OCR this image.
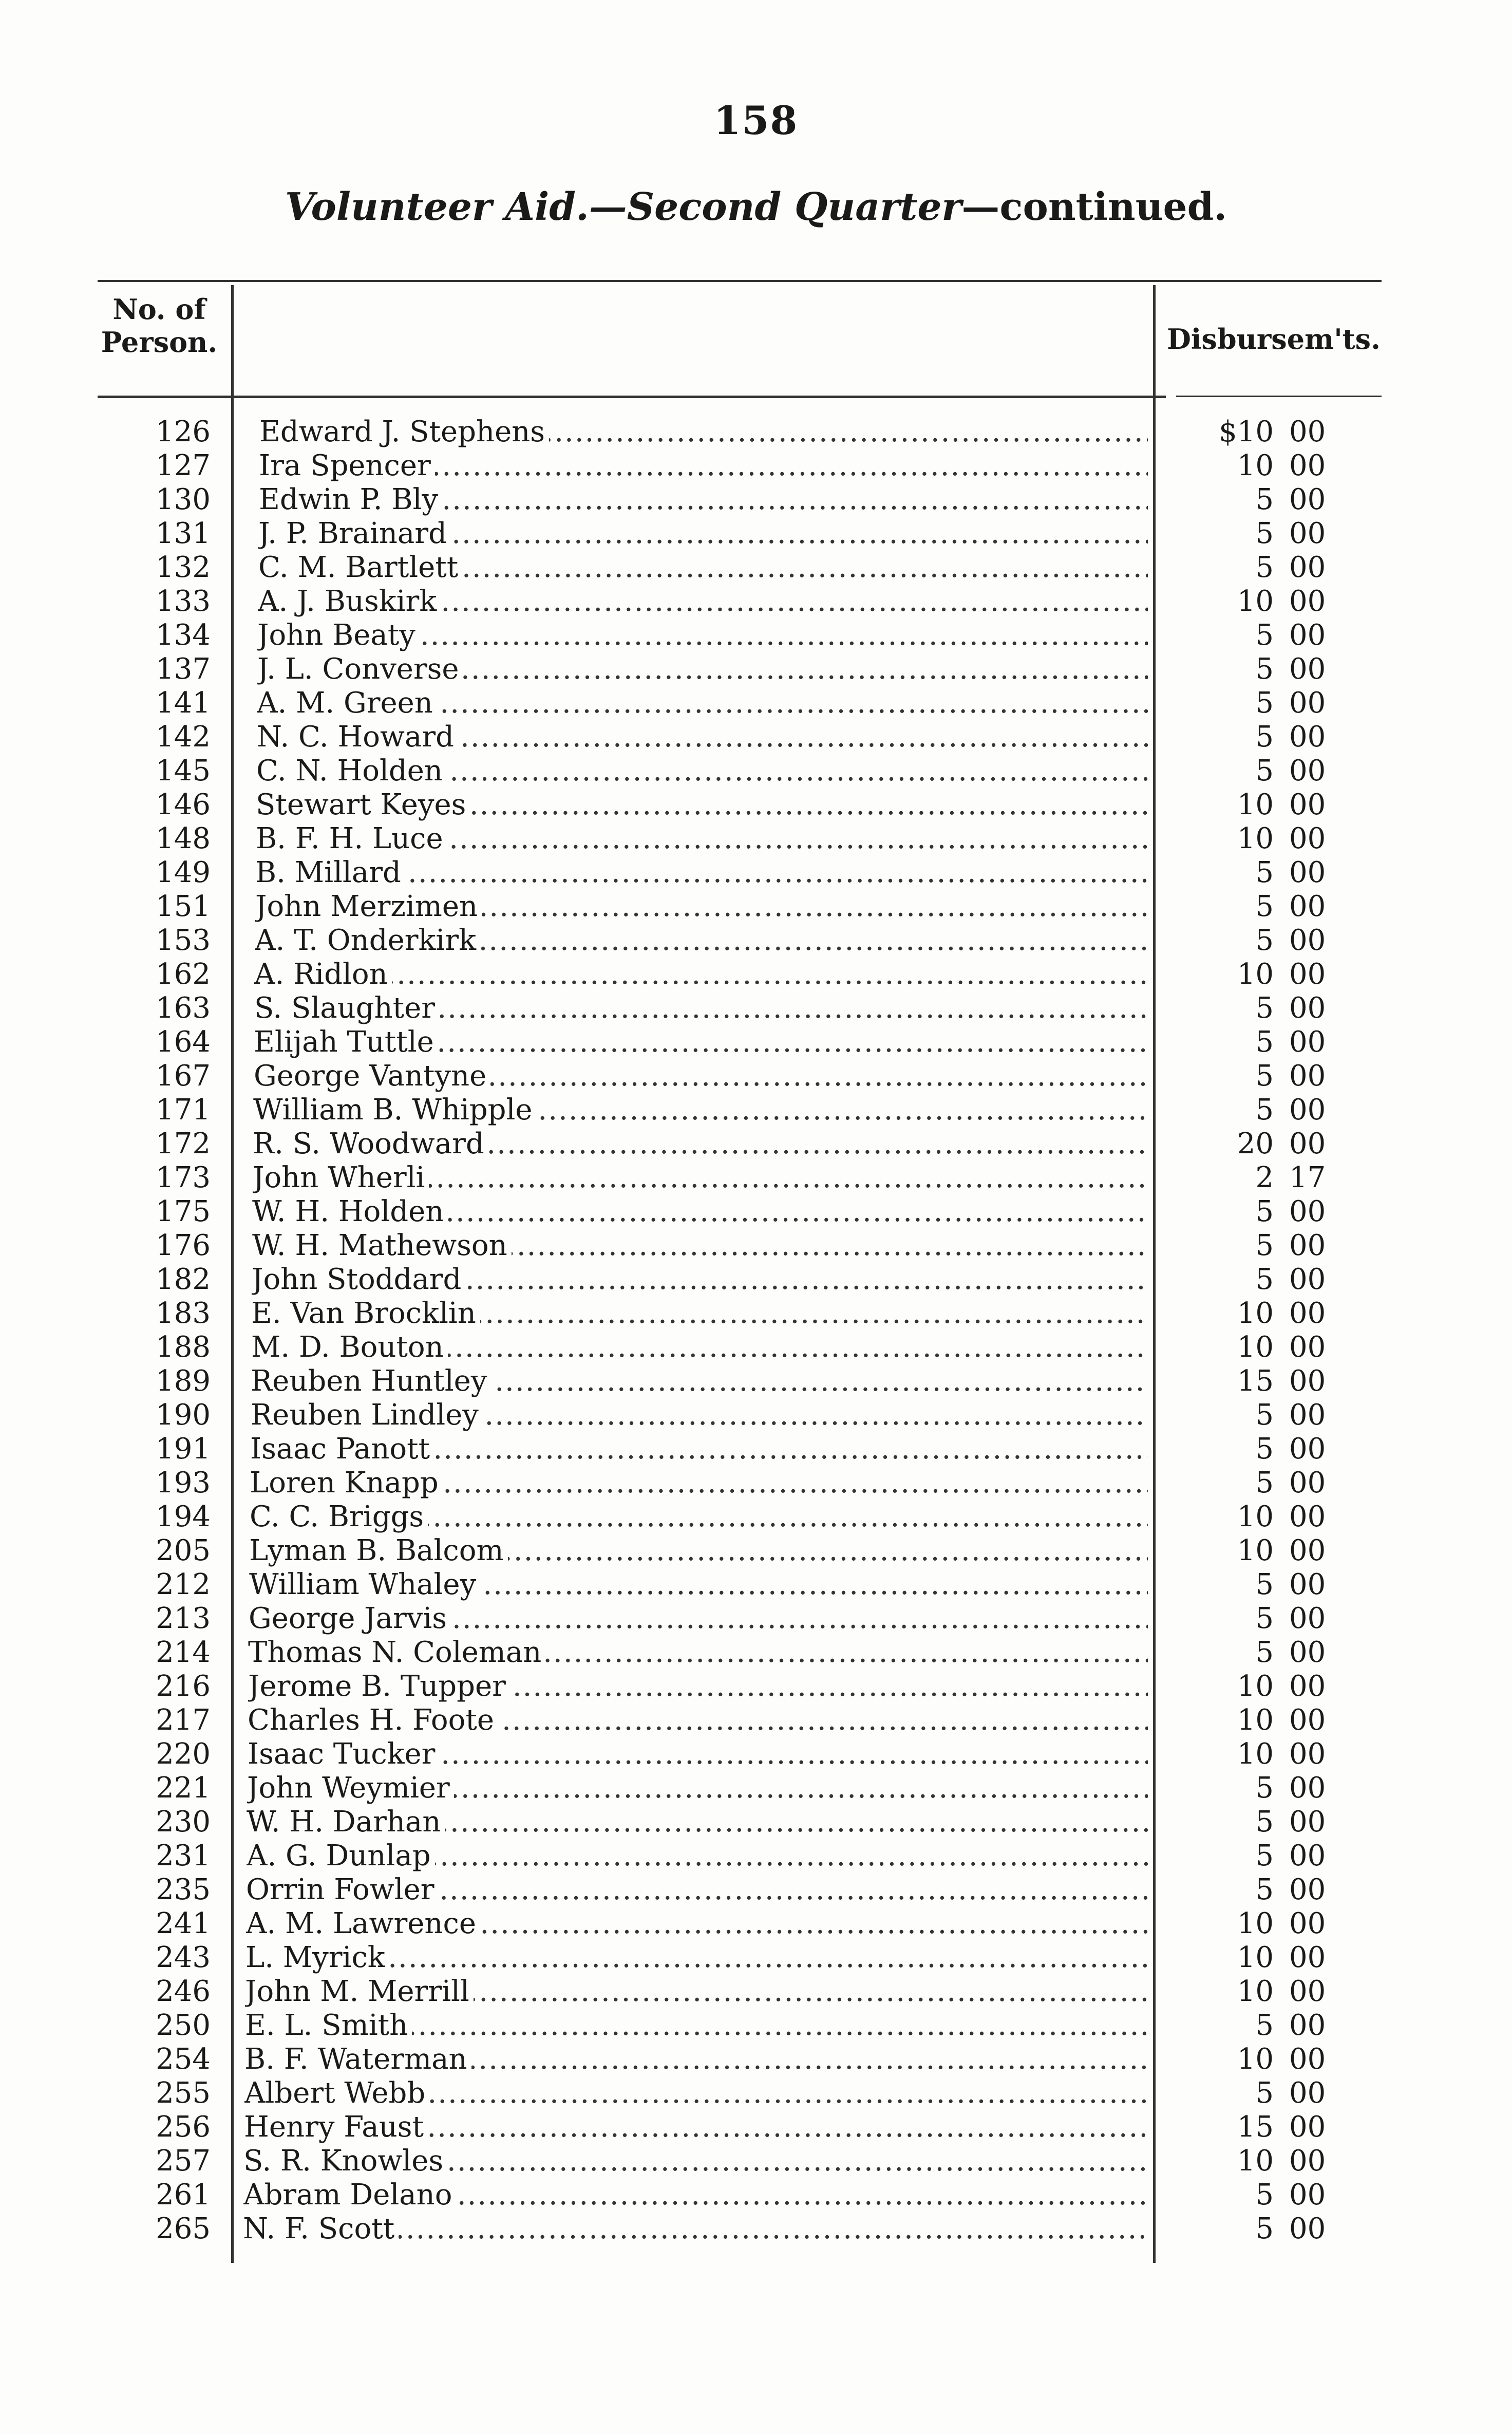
158
Volunteer Aid.—Second Quarter—continued.
No. of
Person.	Disbursem'ts.
126 Edward J. Stephens .....	$10 00
127 Ira Spencer .....	10 00
130 Edwin P. Bly .....	5 00
131 J. P. Brainard .....	5 00
132 C. M. Bartlett .....	5 00
133 A. J. Buskirk .....	10 00
134 John Beaty .....	5 00
137 J. L. Converse .....	5 00
141 A. M. Green .....	5 00
142 N. C. Howard .....	5 00
145 C. N. Holden .....	5 00
146 Stewart Keyes .....	10 00
148 B. F. H. Luce .....	10 00
149 B. Millard .....	5 00
151 John Merzimen .....	5 00
153 A. T. Onderkirk .....	5 00
162 A. Ridlon .....	10 00
163 S. Slaughter .....	5 00
164 Elijah Tuttle .....	5 00
167 George Vantyne .....	5 00
171 William B. Whipple .....	5 00
172 R. S. Woodward .....	20 00
173 John Wherli .....	2 17
175 W. H. Holden .....	5 00
176 W. H. Mathewson .....	5 00
182 John Stoddard .....	5 00
183 E. Van Brocklin .....	10 00
188 M. D. Bouton .....	10 00
189 Reuben Huntley .....	15 00
190 Reuben Lindley .....	5 00
191 Isaac Panott .....	5 00
193 Loren Knapp .....	5 00
194 C. C. Briggs .....	10 00
205 Lyman B. Balcom .....	10 00
212 William Whaley .....	5 00
213 George Jarvis .....	5 00
214 Thomas N. Coleman .....	5 00
216 Jerome B. Tupper .....	10 00
217 Charles H. Foote .....	10 00
220 Isaac Tucker .....	10 00
221 John Weymier .....	5 00
230 W. H. Darhan .....	5 00
231 A. G. Dunlap .....	5 00
235 Orrin Fowler .....	5 00
241 A. M. Lawrence .....	10 00
243 L. Myrick .....	10 00
246 John M. Merrill .....	10 00
250 E. L. Smith .....	5 00
254 B. F. Waterman .....	10 00
255 Albert Webb .....	5 00
256 Henry Faust .....	15 00
257 S. R. Knowles .....	10 00
261 Abram Delano .....	5 00
265 N. F. Scott .....	5 00
